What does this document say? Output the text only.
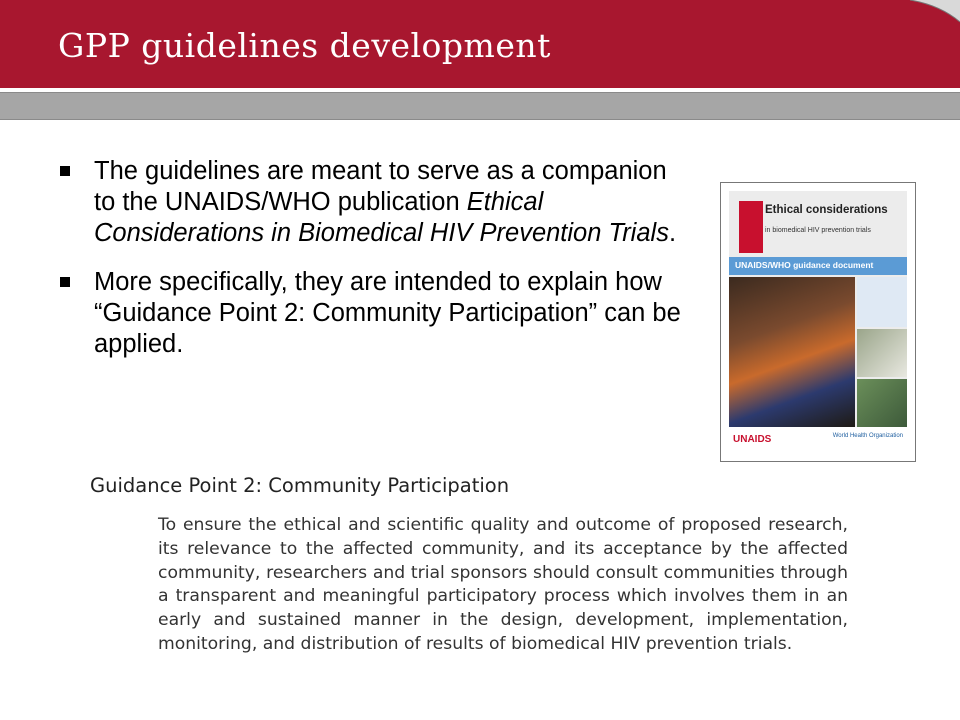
GPP guidelines development
The guidelines are meant to serve as a companion to the UNAIDS/WHO publication Ethical Considerations in Biomedical HIV Prevention Trials.
More specifically, they are intended to explain how “Guidance Point 2: Community Participation” can be applied.
Ethical considerations
in biomedical HIV prevention trials
UNAIDS/WHO guidance document
UNAIDS	World Health Organization
Guidance Point 2: Community Participation
To ensure the ethical and scientific quality and outcome of proposed research, its relevance to the affected community, and its acceptance by the affected community, researchers and trial sponsors should consult communities through a transparent and meaningful participatory process which involves them in an early and sustained manner in the design, development, implementation, monitoring, and distribution of results of biomedical HIV prevention trials.
